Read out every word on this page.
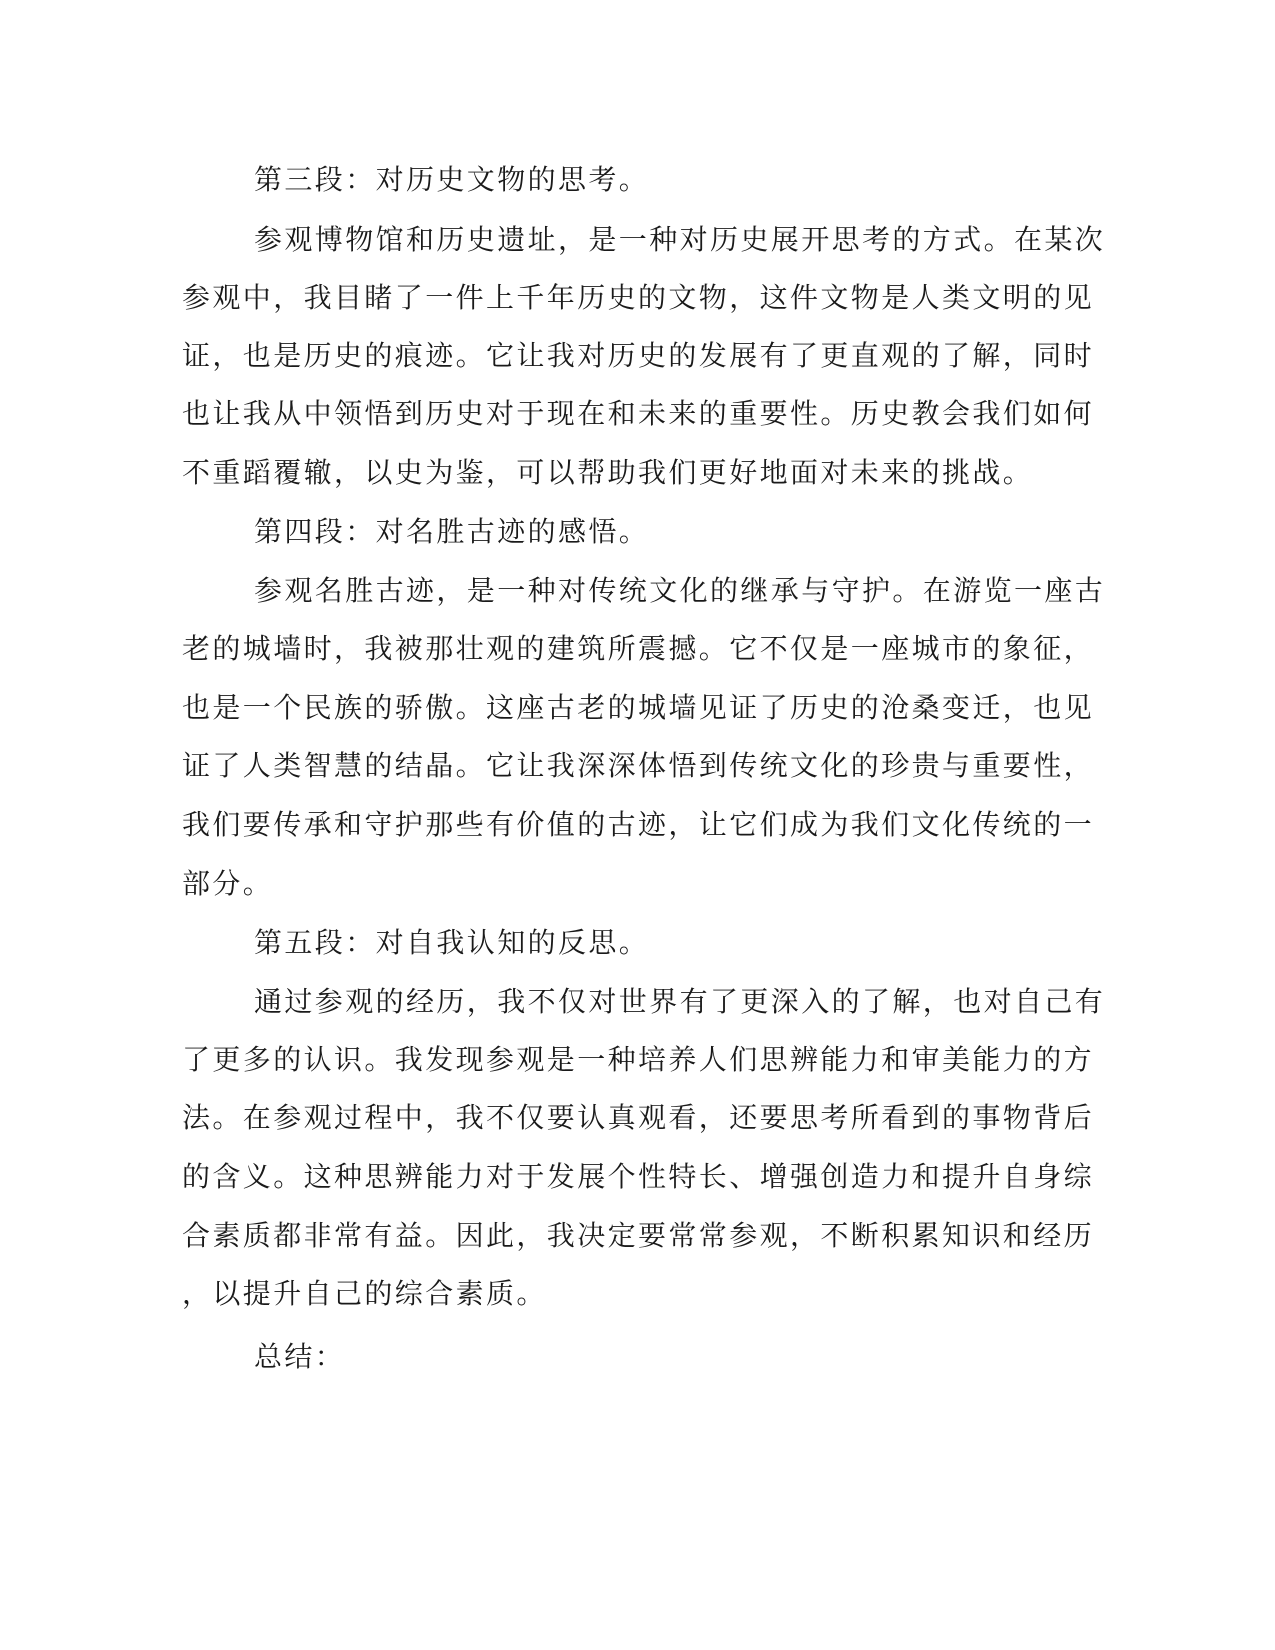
第三段：对历史文物的思考。
参观博物馆和历史遗址，是一种对历史展开思考的方式。在某次
参观中，我目睹了一件上千年历史的文物，这件文物是人类文明的见
证，也是历史的痕迹。它让我对历史的发展有了更直观的了解，同时
也让我从中领悟到历史对于现在和未来的重要性。历史教会我们如何
不重蹈覆辙，以史为鉴，可以帮助我们更好地面对未来的挑战。
第四段：对名胜古迹的感悟。
参观名胜古迹，是一种对传统文化的继承与守护。在游览一座古
老的城墙时，我被那壮观的建筑所震撼。它不仅是一座城市的象征，
也是一个民族的骄傲。这座古老的城墙见证了历史的沧桑变迁，也见
证了人类智慧的结晶。它让我深深体悟到传统文化的珍贵与重要性，
我们要传承和守护那些有价值的古迹，让它们成为我们文化传统的一
部分。
第五段：对自我认知的反思。
通过参观的经历，我不仅对世界有了更深入的了解，也对自己有
了更多的认识。我发现参观是一种培养人们思辨能力和审美能力的方
法。在参观过程中，我不仅要认真观看，还要思考所看到的事物背后
的含义。这种思辨能力对于发展个性特长、增强创造力和提升自身综
合素质都非常有益。因此，我决定要常常参观，不断积累知识和经历
，以提升自己的综合素质。
总结：
